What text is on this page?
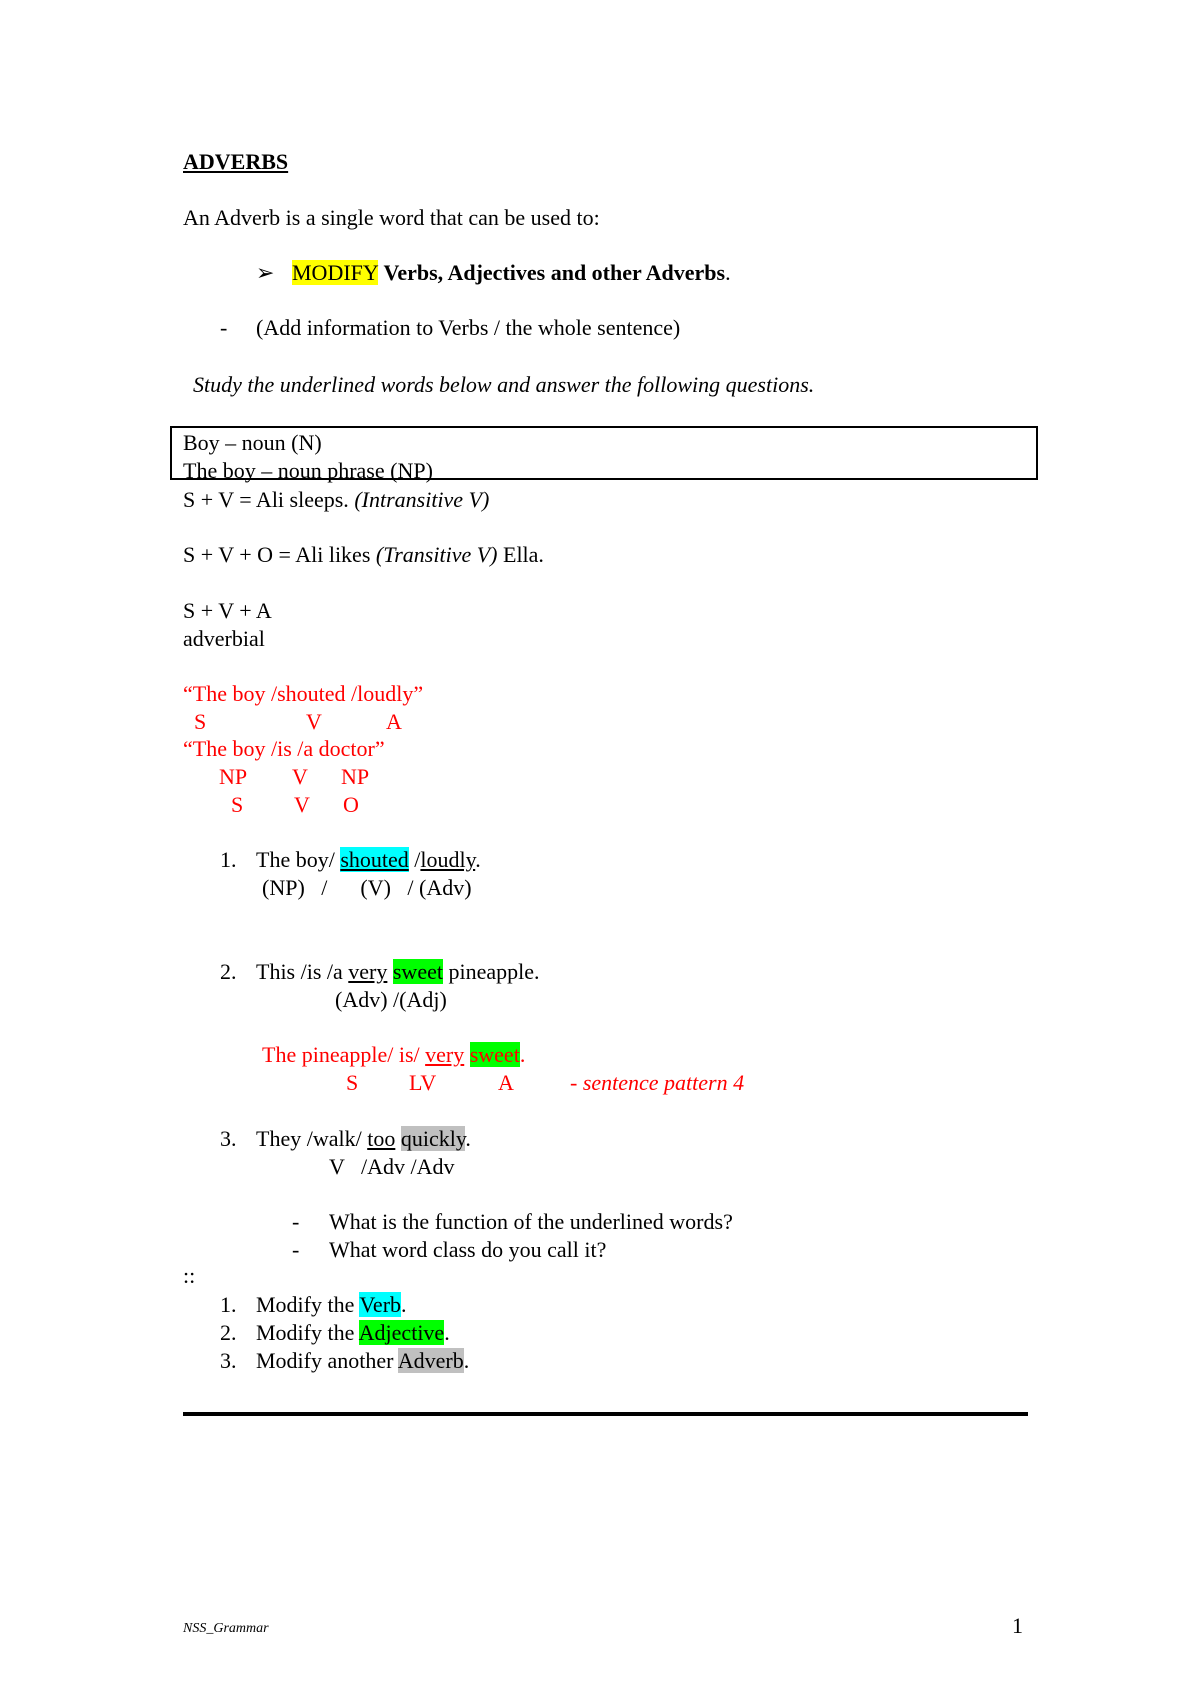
ADVERBS
An Adverb is a single word that can be used to:
➢ MODIFY Verbs, Adjectives and other Adverbs.
- (Add information to Verbs / the whole sentence)
Study the underlined words below and answer the following questions.
Boy – noun (N)
The boy – noun phrase (NP)
S + V = Ali sleeps. (Intransitive V)
S + V + O = Ali likes (Transitive V) Ella.
S + V + A
adverbial
“The boy /shouted /loudly”
S	V	A
“The boy /is /a doctor”
NP V NP
S V O
1. The boy/ shouted /loudly.
(NP)   /      (V)   / (Adv)
2. This /is /a very sweet pineapple.
(Adv) /(Adj)
The pineapple/ is/ very sweet.
S LV	A	- sentence pattern 4
3. They /walk/ too quickly.
V   /Adv /Adv
- What is the function of the underlined words?
- What word class do you call it?
::
1. Modify the Verb.
2. Modify the Adjective.
3. Modify another Adverb.
NSS_Grammar	1
